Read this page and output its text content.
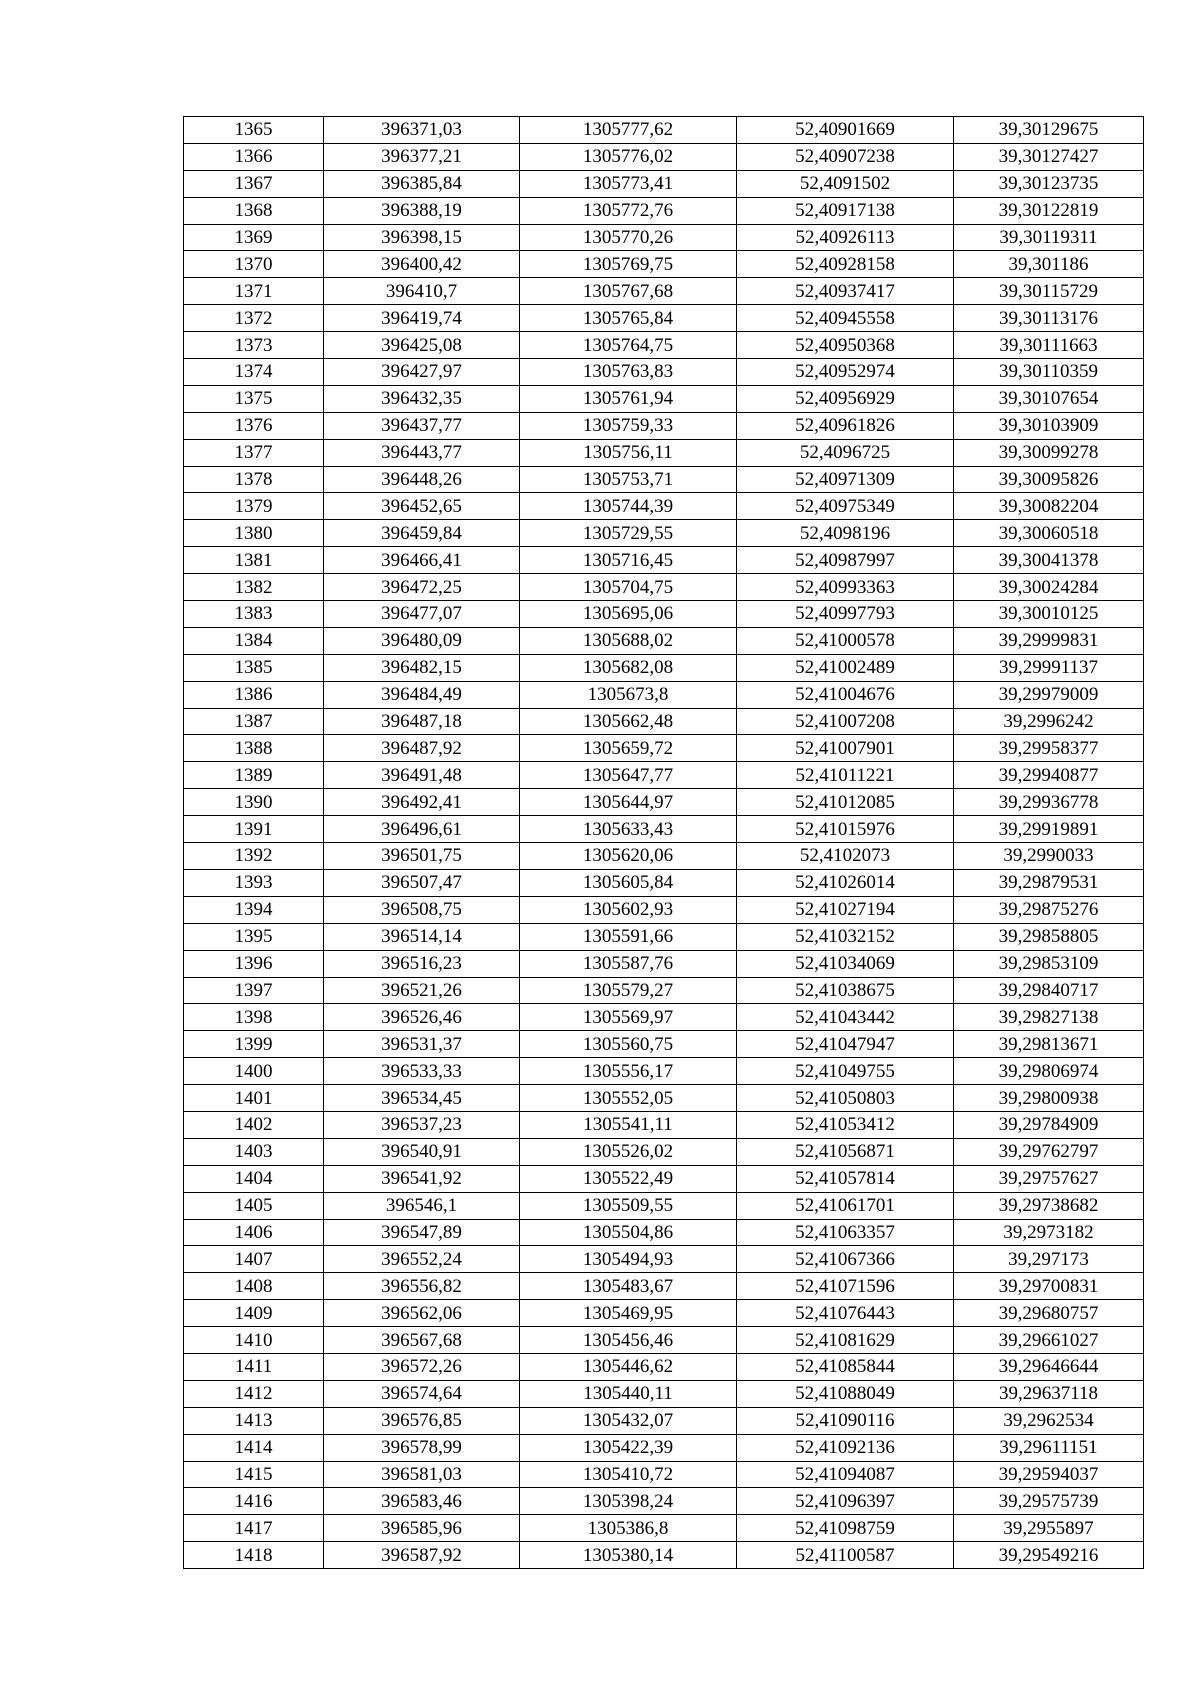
1365	396371,03	1305777,62	52,40901669	39,30129675
1366	396377,21	1305776,02	52,40907238	39,30127427
1367	396385,84	1305773,41	52,4091502	39,30123735
1368	396388,19	1305772,76	52,40917138	39,30122819
1369	396398,15	1305770,26	52,40926113	39,30119311
1370	396400,42	1305769,75	52,40928158	39,301186
1371	396410,7	1305767,68	52,40937417	39,30115729
1372	396419,74	1305765,84	52,40945558	39,30113176
1373	396425,08	1305764,75	52,40950368	39,30111663
1374	396427,97	1305763,83	52,40952974	39,30110359
1375	396432,35	1305761,94	52,40956929	39,30107654
1376	396437,77	1305759,33	52,40961826	39,30103909
1377	396443,77	1305756,11	52,4096725	39,30099278
1378	396448,26	1305753,71	52,40971309	39,30095826
1379	396452,65	1305744,39	52,40975349	39,30082204
1380	396459,84	1305729,55	52,4098196	39,30060518
1381	396466,41	1305716,45	52,40987997	39,30041378
1382	396472,25	1305704,75	52,40993363	39,30024284
1383	396477,07	1305695,06	52,40997793	39,30010125
1384	396480,09	1305688,02	52,41000578	39,29999831
1385	396482,15	1305682,08	52,41002489	39,29991137
1386	396484,49	1305673,8	52,41004676	39,29979009
1387	396487,18	1305662,48	52,41007208	39,2996242
1388	396487,92	1305659,72	52,41007901	39,29958377
1389	396491,48	1305647,77	52,41011221	39,29940877
1390	396492,41	1305644,97	52,41012085	39,29936778
1391	396496,61	1305633,43	52,41015976	39,29919891
1392	396501,75	1305620,06	52,4102073	39,2990033
1393	396507,47	1305605,84	52,41026014	39,29879531
1394	396508,75	1305602,93	52,41027194	39,29875276
1395	396514,14	1305591,66	52,41032152	39,29858805
1396	396516,23	1305587,76	52,41034069	39,29853109
1397	396521,26	1305579,27	52,41038675	39,29840717
1398	396526,46	1305569,97	52,41043442	39,29827138
1399	396531,37	1305560,75	52,41047947	39,29813671
1400	396533,33	1305556,17	52,41049755	39,29806974
1401	396534,45	1305552,05	52,41050803	39,29800938
1402	396537,23	1305541,11	52,41053412	39,29784909
1403	396540,91	1305526,02	52,41056871	39,29762797
1404	396541,92	1305522,49	52,41057814	39,29757627
1405	396546,1	1305509,55	52,41061701	39,29738682
1406	396547,89	1305504,86	52,41063357	39,2973182
1407	396552,24	1305494,93	52,41067366	39,297173
1408	396556,82	1305483,67	52,41071596	39,29700831
1409	396562,06	1305469,95	52,41076443	39,29680757
1410	396567,68	1305456,46	52,41081629	39,29661027
1411	396572,26	1305446,62	52,41085844	39,29646644
1412	396574,64	1305440,11	52,41088049	39,29637118
1413	396576,85	1305432,07	52,41090116	39,2962534
1414	396578,99	1305422,39	52,41092136	39,29611151
1415	396581,03	1305410,72	52,41094087	39,29594037
1416	396583,46	1305398,24	52,41096397	39,29575739
1417	396585,96	1305386,8	52,41098759	39,2955897
1418	396587,92	1305380,14	52,41100587	39,29549216
